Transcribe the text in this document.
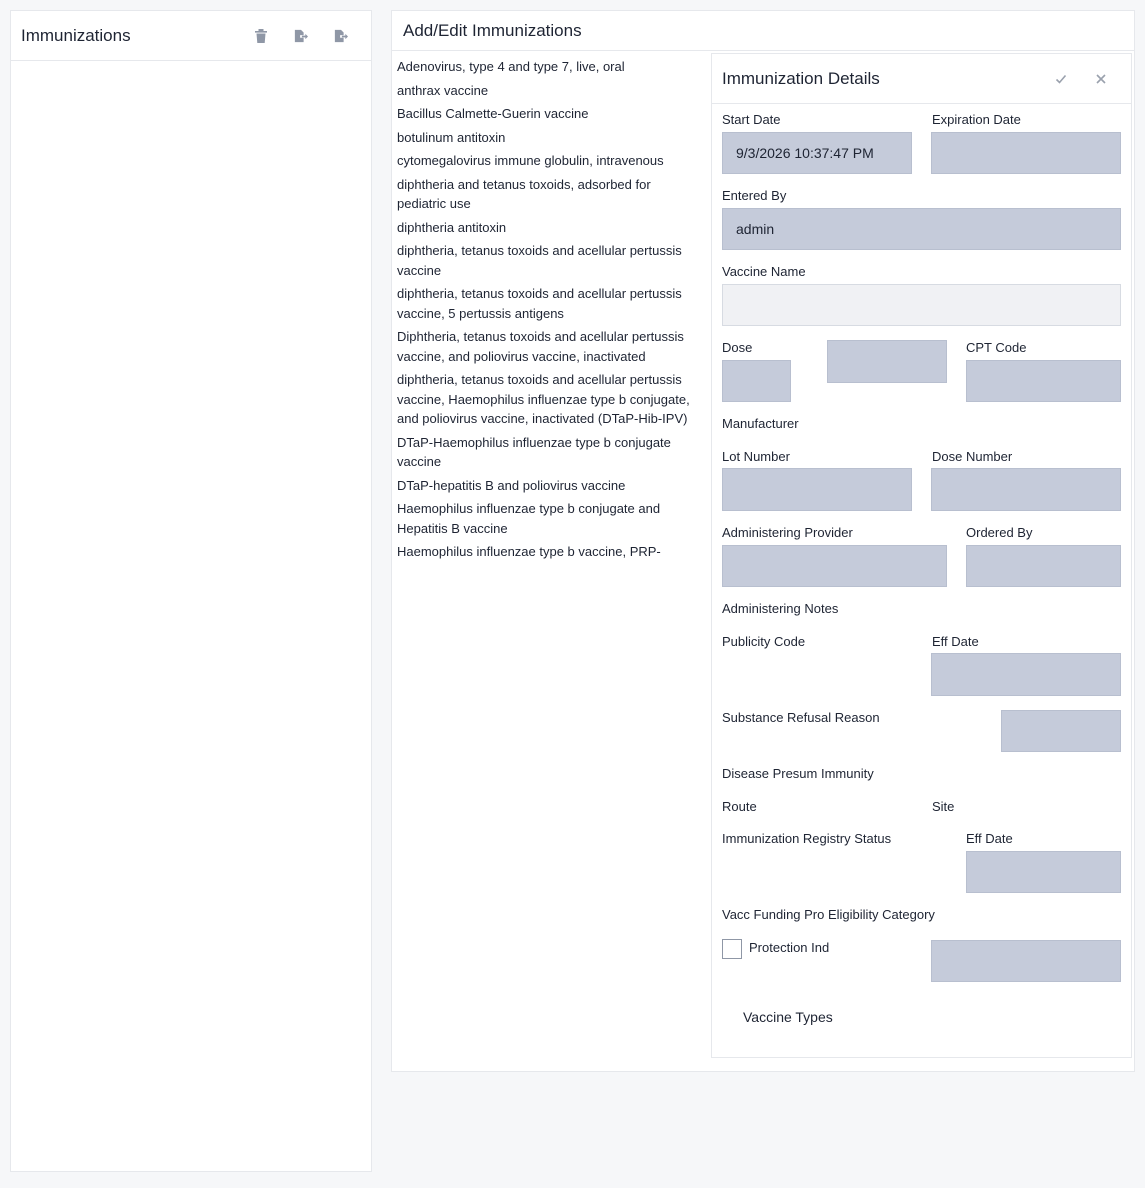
Immunizations	Add/Edit Immunizations
Adenovirus, type 4 and type 7, live, oral
anthrax vaccine
Bacillus Calmette-Guerin vaccine
botulinum antitoxin
cytomegalovirus immune globulin, intravenous
diphtheria and tetanus toxoids, adsorbed for pediatric use
diphtheria antitoxin
diphtheria, tetanus toxoids and acellular pertussis vaccine
diphtheria, tetanus toxoids and acellular pertussis vaccine, 5 pertussis antigens
Diphtheria, tetanus toxoids and acellular pertussis vaccine, and poliovirus vaccine, inactivated
diphtheria, tetanus toxoids and acellular pertussis vaccine, Haemophilus influenzae type b conjugate, and poliovirus vaccine, inactivated (DTaP-Hib-IPV)
DTaP-Haemophilus influenzae type b conjugate vaccine
DTaP-hepatitis B and poliovirus vaccine
Haemophilus influenzae type b conjugate and Hepatitis B vaccine
Haemophilus influenzae type b vaccine, PRP-
Immunization Details
Start Date	Expiration Date
9/3/2026 10:37:47 PM
Entered By
admin
Vaccine Name
Dose	CPT Code
Manufacturer
Lot Number	Dose Number
Administering Provider	Ordered By
Administering Notes
Publicity Code	Eff Date
Substance Refusal Reason
Disease Presum Immunity
Route	Site
Immunization Registry Status	Eff Date
Vacc Funding Pro Eligibility Category
Protection Ind
Vaccine Types
